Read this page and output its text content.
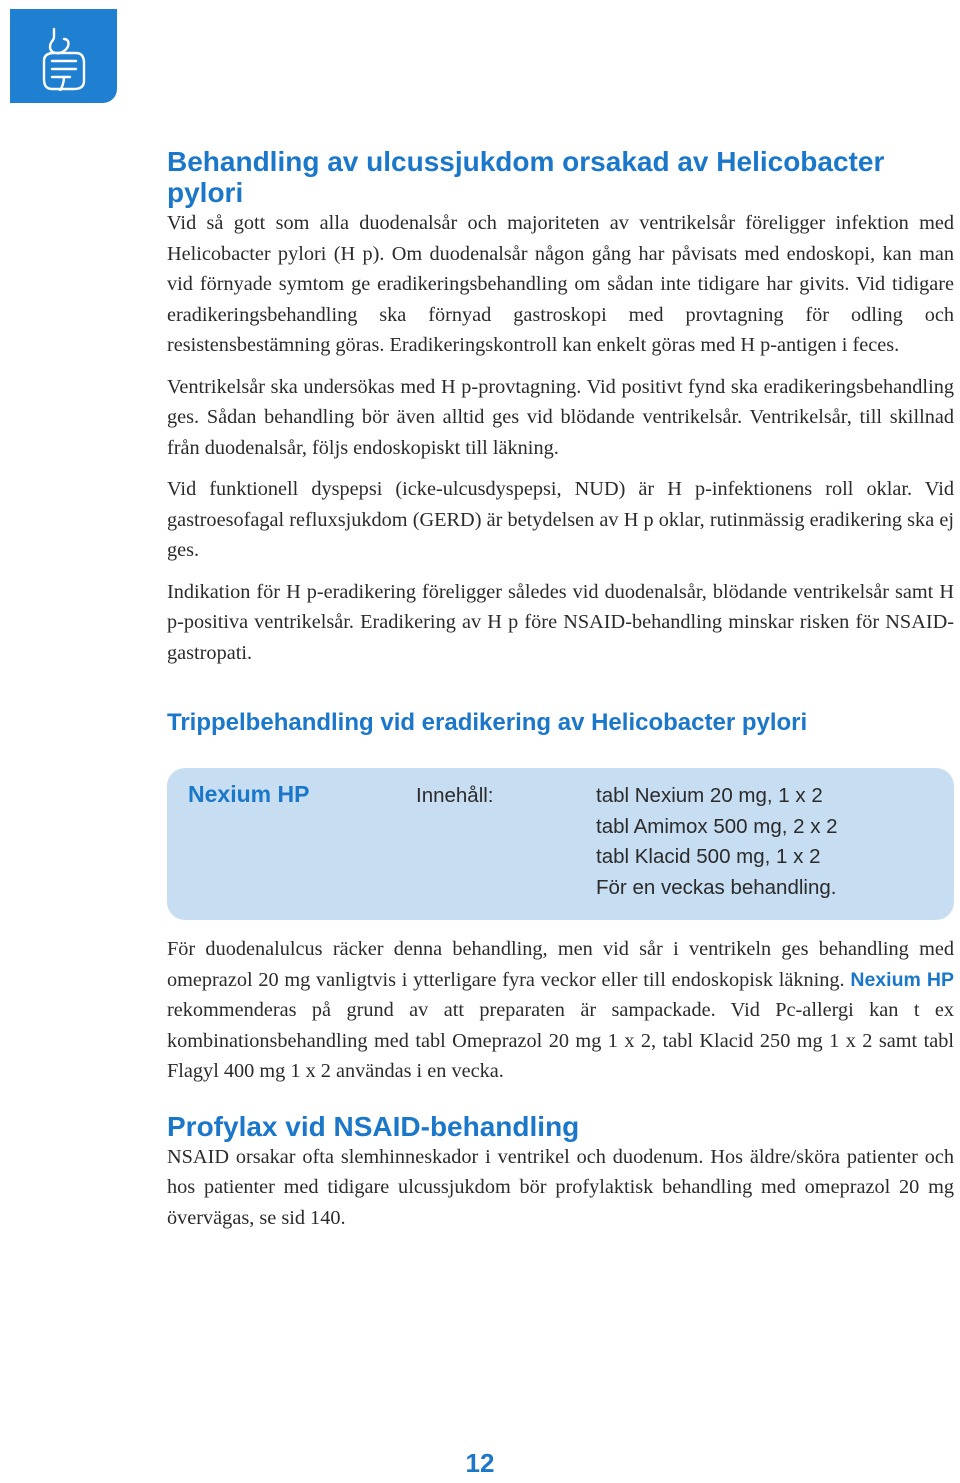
Behandling av ulcussjukdom orsakad av Helicobacter pylori

Vid så gott som alla duodenalsår och majoriteten av ventrikelsår föreligger infektion med Helicobacter pylori (H p). Om duodenalsår någon gång har påvisats med endoskopi, kan man vid förnyade symtom ge eradikeringsbehandling om sådan inte tidigare har givits. Vid tidigare eradikeringsbehandling ska förnyad gastroskopi med provtagning för odling och resistensbestämning göras. Eradikeringskontroll kan enkelt göras med H p-antigen i feces.

Ventrikelsår ska undersökas med H p-provtagning. Vid positivt fynd ska eradikeringsbehandling ges. Sådan behandling bör även alltid ges vid blödande ventrikelsår. Ventrikelsår, till skillnad från duodenalsår, följs endoskopiskt till läkning.

Vid funktionell dyspepsi (icke-ulcusdyspepsi, NUD) är H p-infektionens roll oklar. Vid gastroesofagal refluxsjukdom (GERD) är betydelsen av H p oklar, rutinmässig eradikering ska ej ges.

Indikation för H p-eradikering föreligger således vid duodenalsår, blödande ventrikelsår samt H p-positiva ventrikelsår. Eradikering av H p före NSAID-behandling minskar risken för NSAID-gastropati.

Trippelbehandling vid eradikering av Helicobacter pylori
Nexium HP	Innehåll:	tabl Nexium 20 mg, 1 x 2
tabl Amimox 500 mg, 2 x 2
tabl Klacid 500 mg, 1 x 2
För en veckas behandling.

För duodenalulcus räcker denna behandling, men vid sår i ventrikeln ges behandling med omeprazol 20 mg vanligtvis i ytterligare fyra veckor eller till endoskopisk läkning. Nexium HP rekommenderas på grund av att preparaten är sampackade. Vid Pc-allergi kan t ex kombinationsbehandling med tabl Omeprazol 20 mg 1 x 2, tabl Klacid 250 mg 1 x 2 samt tabl Flagyl 400 mg 1 x 2 användas i en vecka.

Profylax vid NSAID-behandling

NSAID orsakar ofta slemhinneskador i ventrikel och duodenum. Hos äldre/sköra patienter och hos patienter med tidigare ulcussjukdom bör profylaktisk behandling med omeprazol 20 mg övervägas, se sid 140.

12
